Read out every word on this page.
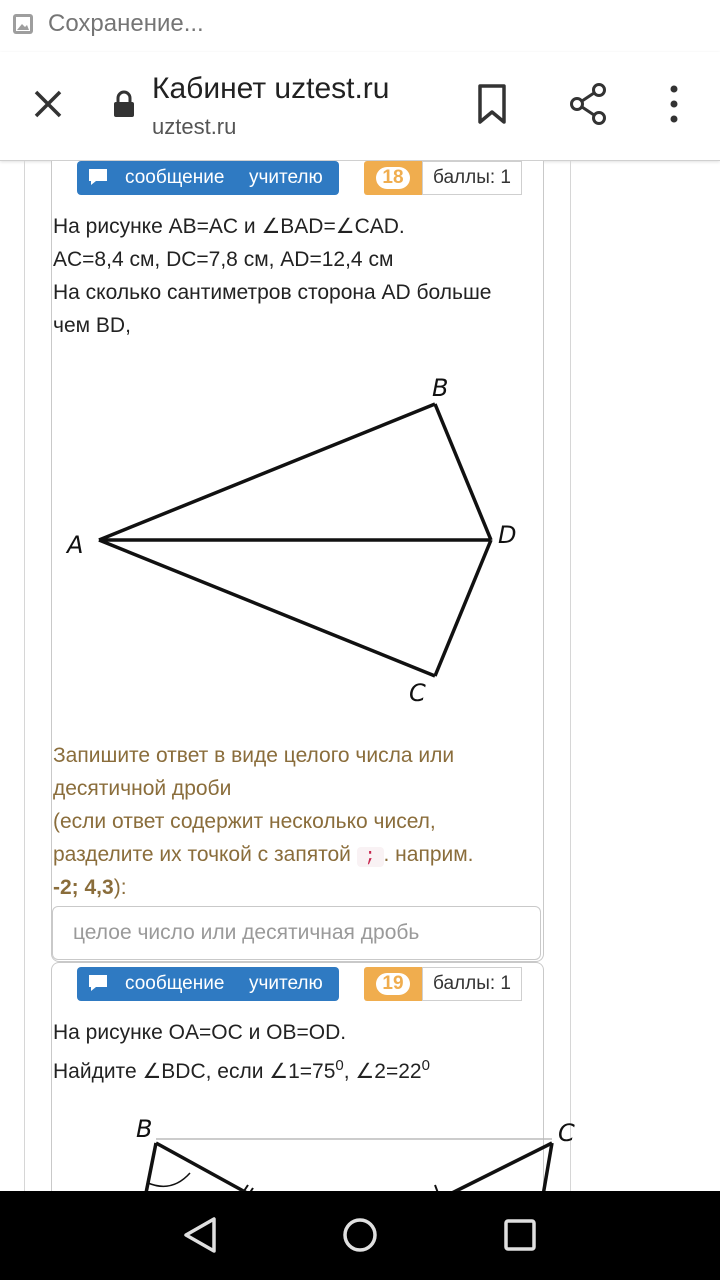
Сохранение...
Кабинет uztest.ru
uztest.ru
сообщение учителю	18	баллы: 1
На рисунке AB=AC и ∠BAD=∠CAD.
AC=8,4 см, DC=7,8 см, AD=12,4 см
На сколько сантиметров сторона AD больше
чем BD,
A
B
D
C
Запишите ответ в виде целого числа или
десятичной дроби
(если ответ содержит несколько чисел,
разделите их точкой с запятой ; . наприм.
-2; 4,3):
целое число или десятичная дробь
сообщение учителю	19	баллы: 1
На рисунке OA=OC и OB=OD.
Найдите ∠BDC, если $\angle 1=75^0$, $\angle 2=22^0$
B	C
